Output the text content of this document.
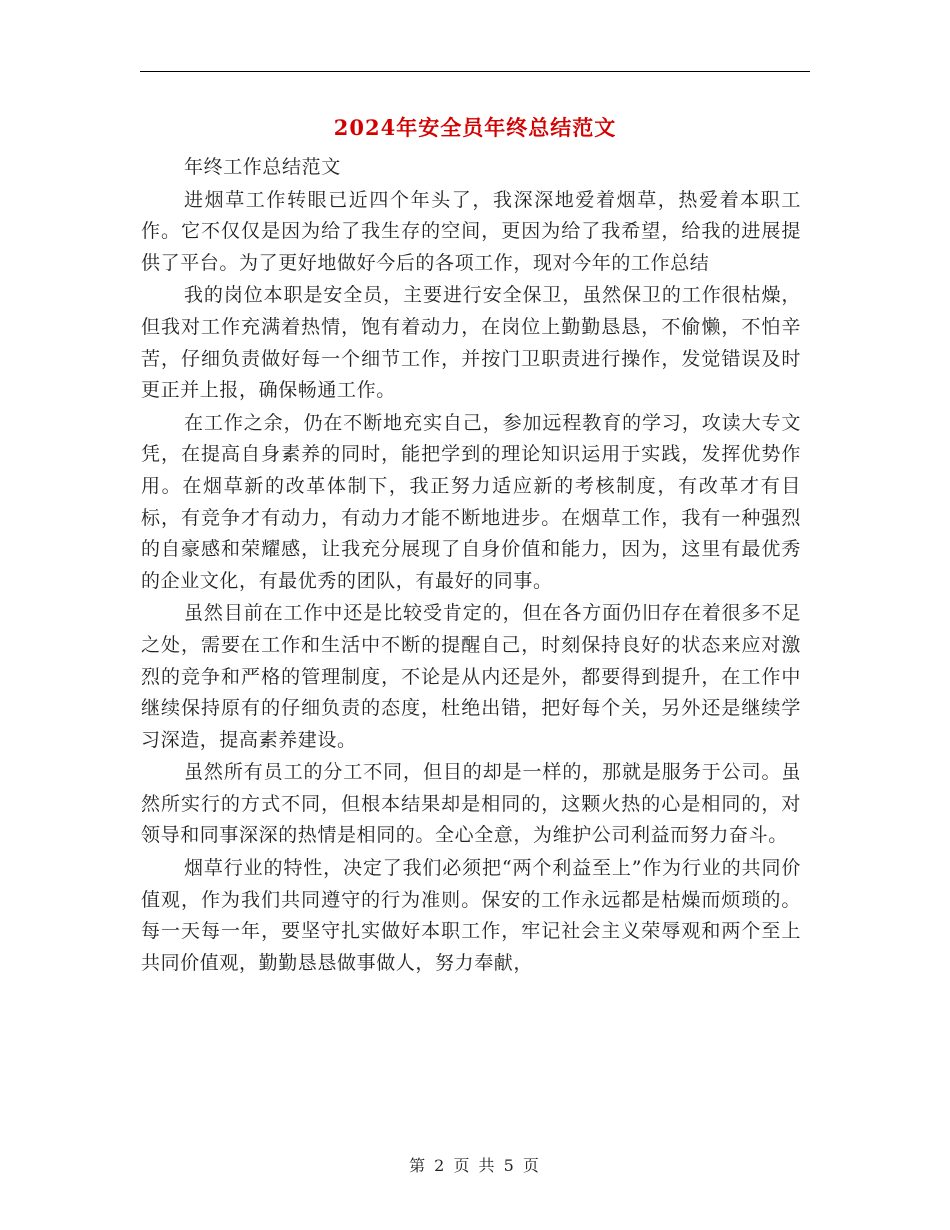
2024年安全员年终总结范文

年终工作总结范文

进烟草工作转眼已近四个年头了，我深深地爱着烟草，热爱着本职工作。它不仅仅是因为给了我生存的空间，更因为给了我希望，给我的进展提供了平台。为了更好地做好今后的各项工作，现对今年的工作总结

我的岗位本职是安全员，主要进行安全保卫，虽然保卫的工作很枯燥，但我对工作充满着热情，饱有着动力，在岗位上勤勤恳恳，不偷懒，不怕辛苦，仔细负责做好每一个细节工作，并按门卫职责进行操作，发觉错误及时更正并上报，确保畅通工作。

在工作之余，仍在不断地充实自己，参加远程教育的学习，攻读大专文凭，在提高自身素养的同时，能把学到的理论知识运用于实践，发挥优势作用。在烟草新的改革体制下，我正努力适应新的考核制度，有改革才有目标，有竞争才有动力，有动力才能不断地进步。在烟草工作，我有一种强烈的自豪感和荣耀感，让我充分展现了自身价值和能力，因为，这里有最优秀的企业文化，有最优秀的团队，有最好的同事。

虽然目前在工作中还是比较受肯定的，但在各方面仍旧存在着很多不足之处，需要在工作和生活中不断的提醒自己，时刻保持良好的状态来应对激烈的竞争和严格的管理制度，不论是从内还是外，都要得到提升，在工作中继续保持原有的仔细负责的态度，杜绝出错，把好每个关，另外还是继续学习深造，提高素养建设。

虽然所有员工的分工不同，但目的却是一样的，那就是服务于公司。虽然所实行的方式不同，但根本结果却是相同的，这颗火热的心是相同的，对领导和同事深深的热情是相同的。全心全意，为维护公司利益而努力奋斗。

烟草行业的特性，决定了我们必须把“两个利益至上”作为行业的共同价值观，作为我们共同遵守的行为准则。保安的工作永远都是枯燥而烦琐的。每一天每一年，要坚守扎实做好本职工作，牢记社会主义荣辱观和两个至上共同价值观，勤勤恳恳做事做人，努力奉献，

第 2 页 共 5 页
